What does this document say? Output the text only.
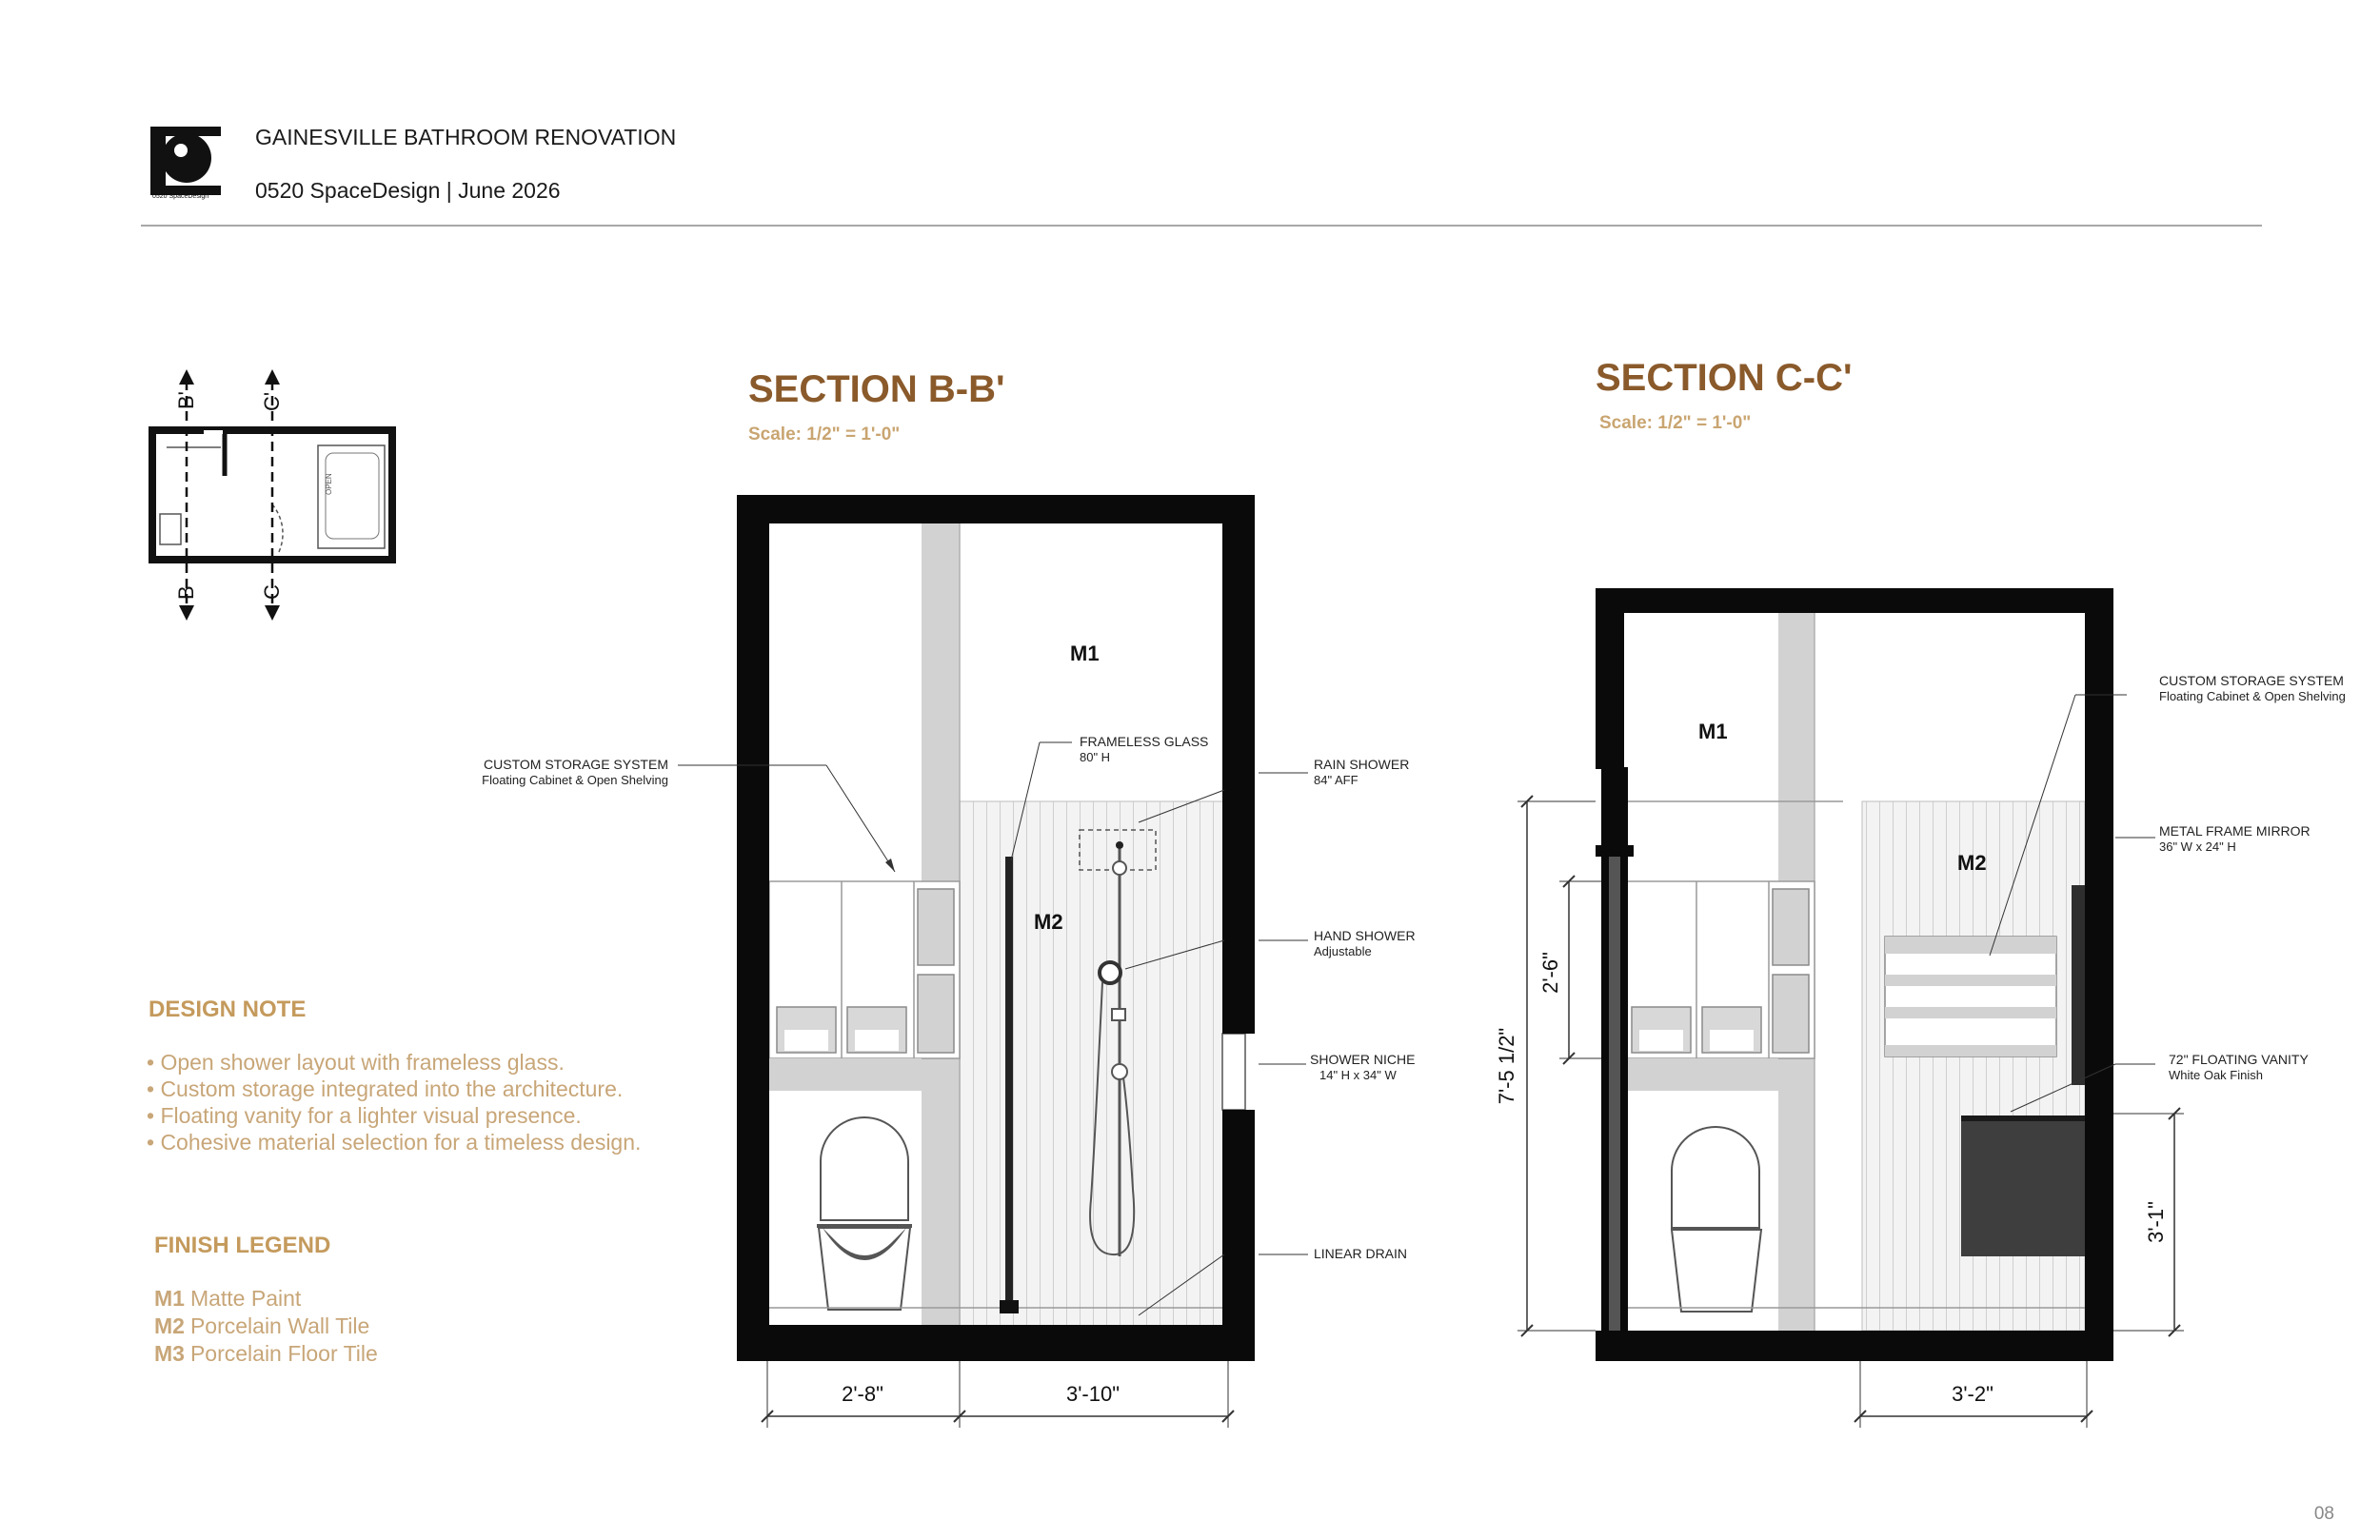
0520 SpaceDesign
GAINESVILLE BATHROOM RENOVATION
0520 SpaceDesign | June 2026
OPEN
B'	C'
B	C
SECTION B-B'
Scale: 1/2" = 1'-0"
M1
M2
CUSTOM STORAGE SYSTEM
Floating Cabinet & Open Shelving
FRAMELESS GLASS
80" H	RAIN SHOWER
84" AFF
HAND SHOWER
Adjustable
SHOWER NICHE
14" H x 34" W
LINEAR DRAIN
2'-8"	3'-10"
SECTION C-C'
Scale: 1/2" = 1'-0"
M1
M2
CUSTOM STORAGE SYSTEM
Floating Cabinet & Open Shelving
METAL FRAME MIRROR
36" W x 24" H
72" FLOATING VANITY
White Oak Finish
7'-5 1/2"
2'-6"
3'-1"
3'-2"
DESIGN NOTE
• Open shower layout with frameless glass.
• Custom storage integrated into the architecture.
• Floating vanity for a lighter visual presence.
• Cohesive material selection for a timeless design.
FINISH LEGEND
M1 Matte Paint
M2 Porcelain Wall Tile
M3 Porcelain Floor Tile
08
